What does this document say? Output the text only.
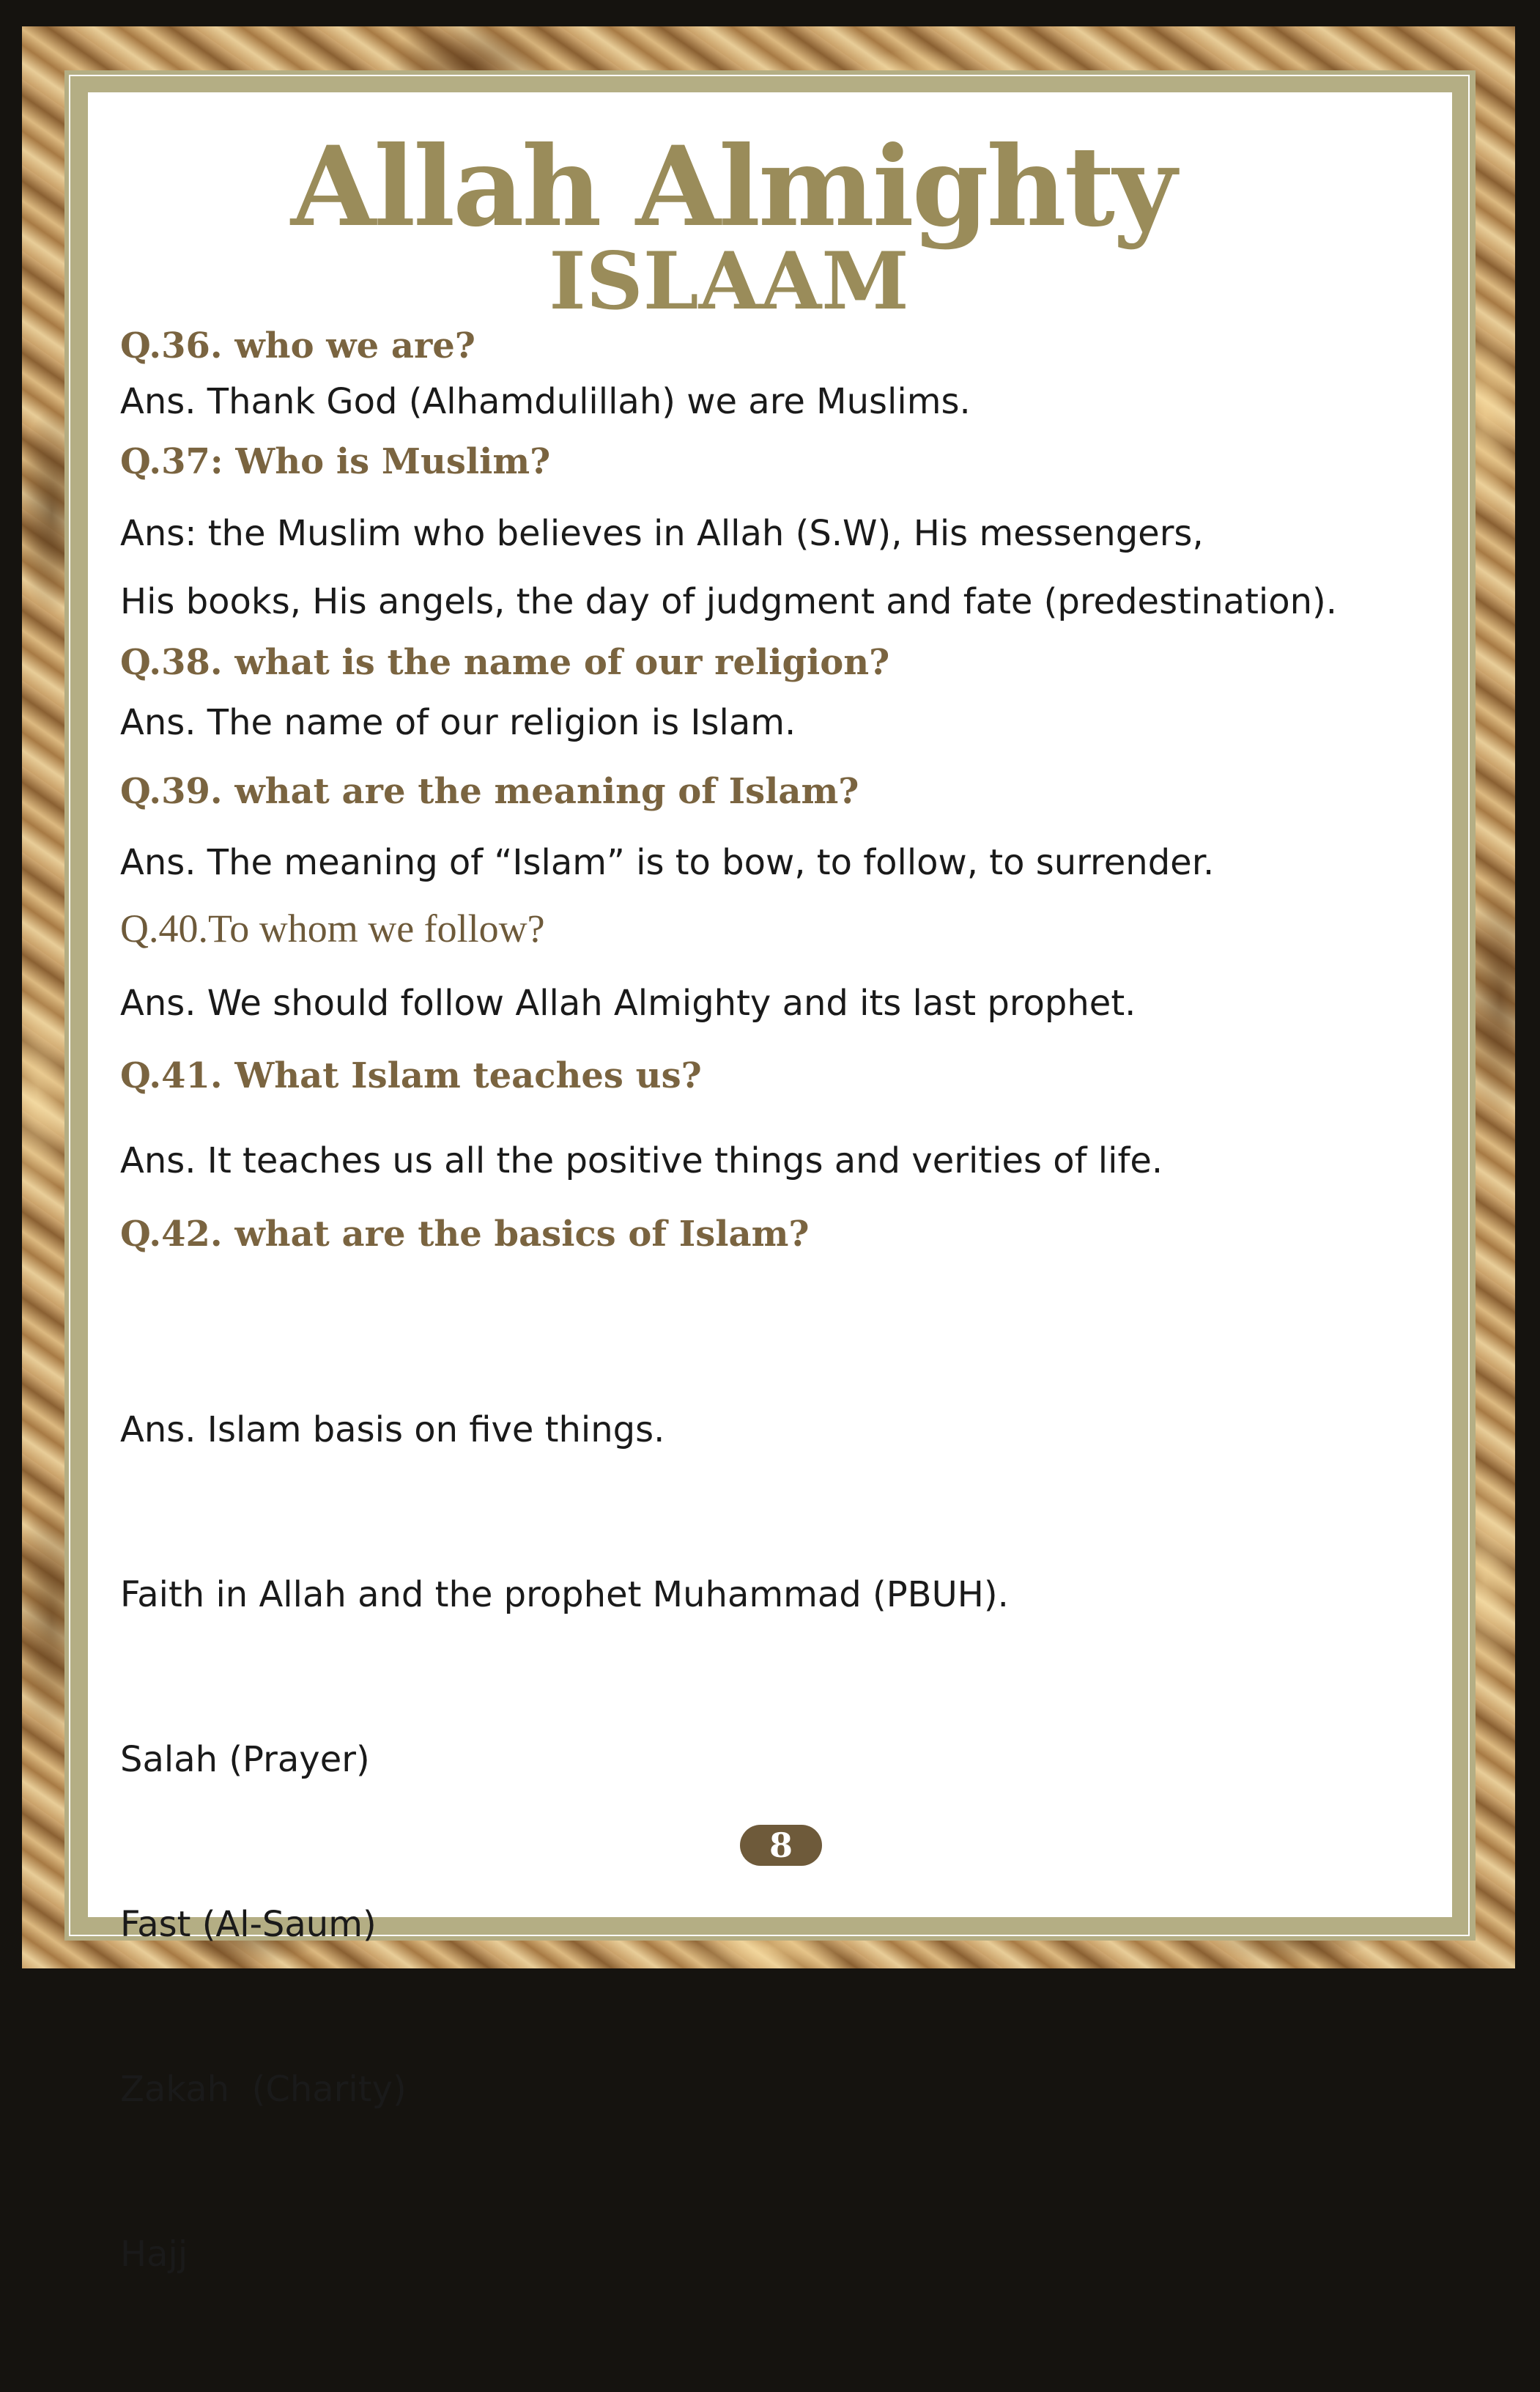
Allah Almighty
ISLAAM
Q.36. who we are?
Ans. Thank God (Alhamdulillah) we are Muslims.
Q.37: Who is Muslim?
Ans: the Muslim who believes in Allah (S.W), His messengers,
His books, His angels, the day of judgment and fate (predestination).
Q.38. what is the name of our religion?
Ans. The name of our religion is Islam.
Q.39. what are the meaning of Islam?
Ans. The meaning of “Islam” is to bow, to follow, to surrender.
Q.40.To whom we follow?
Ans. We should follow Allah Almighty and its last prophet.
Q.41. What Islam teaches us?
Ans. It teaches us all the positive things and verities of life.
Q.42. what are the basics of Islam?

Ans. Islam basis on five things.

Faith in Allah and the prophet Muhammad (PBUH).

Salah (Prayer)

Fast (Al-Saum)

Zakah  (Charity)

Hajj

8
